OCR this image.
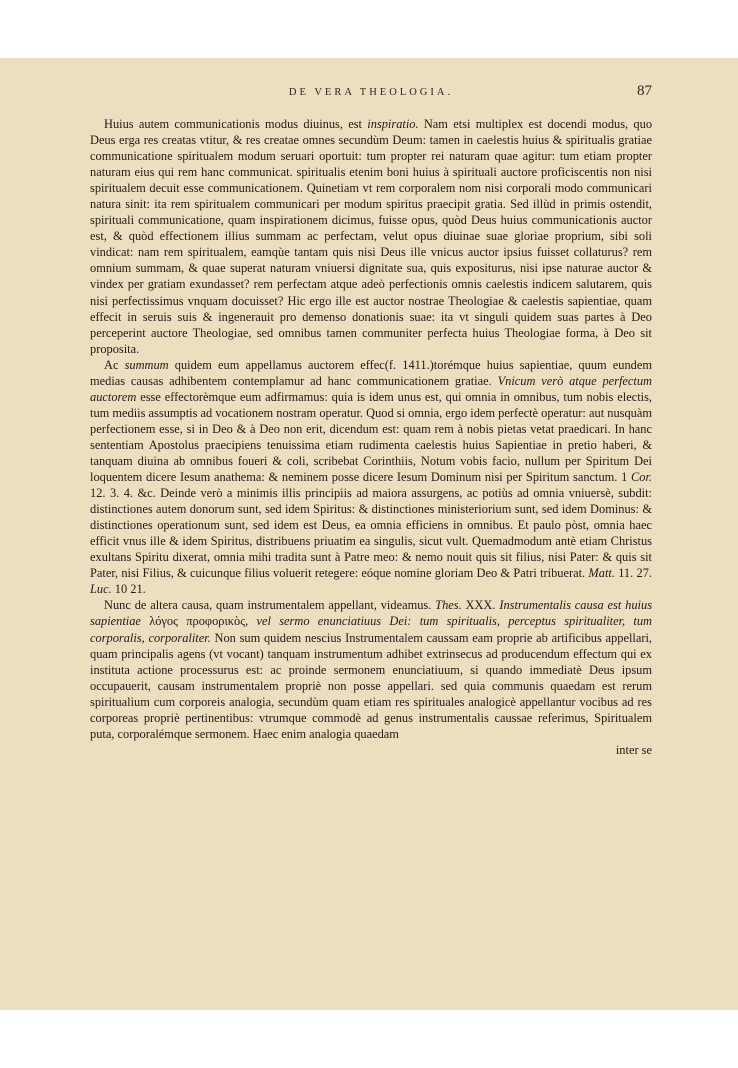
DE VERA THEOLOGIA.	87

Huius autem communicationis modus diuinus, est inspiratio. Nam etsi multiplex est docendi modus, quo Deus erga res creatas vtitur, & res creatae omnes secundùm Deum: tamen in caelestis huius & spiritualis gratiae communicatione spiritualem modum seruari oportuit: tum propter rei naturam quae agitur: tum etiam propter naturam eius qui rem hanc communicat. spiritualis etenim boni huius à spirituali auctore proficiscentis non nisi spiritualem decuit esse communicationem. Quinetiam vt rem corporalem nom nisi corporali modo communicari natura sinit: ita rem spiritualem communicari per modum spiritus praecipit gratia. Sed illùd in primis ostendit, spirituali communicatione, quam inspirationem dicimus, fuisse opus, quòd Deus huius communicationis auctor est, & quòd effectionem illius summam ac perfectam, velut opus diuinae suae gloriae proprium, sibi soli vindicat: nam rem spiritualem, eamqùe tantam quis nisi Deus ille vnicus auctor ipsius fuisset collaturus? rem omnium summam, & quae superat naturam vniuersi dignitate sua, quis expositurus, nisi ipse naturae auctor & vindex per gratiam exundasset? rem perfectam atque adeò perfectionis omnis caelestis indicem salutarem, quis nisi perfectissimus vnquam docuisset? Hic ergo ille est auctor nostrae Theologiae & caelestis sapientiae, quam effecit in seruis suis & ingenerauit pro demenso donationis suae: ita vt singuli quidem suas partes à Deo perceperint auctore Theologiae, sed omnibus tamen communiter perfecta huius Theologiae forma, à Deo sit proposita.

Ac summum quidem eum appellamus auctorem effec(f. 1411.)torémque huius sapientiae, quum eundem medias causas adhibentem contemplamur ad hanc communicationem gratiae. Vnicum verò atque perfectum auctorem esse effectorèmque eum adfirmamus: quia is idem unus est, qui omnia in omnibus, tum nobis electis, tum mediis assumptis ad vocationem nostram operatur. Quod si omnia, ergo idem perfectè operatur: aut nusquàm perfectionem esse, si in Deo & à Deo non erit, dicendum est: quam rem à nobis pietas vetat praedicari. In hanc sententiam Apostolus praecipiens tenuissima etiam rudimenta caelestis huius Sapientiae in pretio haberi, & tanquam diuina ab omnibus foueri & coli, scribebat Corinthiis, Notum vobis facio, nullum per Spiritum Dei loquentem dicere Iesum anathema: & neminem posse dicere Iesum Dominum nisi per Spiritum sanctum. 1 Cor. 12. 3. 4. &c. Deinde verò a minimis illis principiis ad maiora assurgens, ac potiùs ad omnia vniuersè, subdit: distinctiones autem donorum sunt, sed idem Spiritus: & distinctiones ministeriorium sunt, sed idem Dominus: & distinctiones operationum sunt, sed idem est Deus, ea omnia efficiens in omnibus. Et paulo pòst, omnia haec efficit vnus ille & idem Spiritus, distribuens priuatim ea singulis, sicut vult. Quemadmodum antè etiam Christus exultans Spiritu dixerat, omnia mihi tradita sunt à Patre meo: & nemo nouit quis sit filius, nisi Pater: & quis sit Pater, nisi Filius, & cuicunque filius voluerit retegere: eóque nomine gloriam Deo & Patri tribuerat. Matt. 11. 27. Luc. 10 21.

Nunc de altera causa, quam instrumentalem appellant, videamus. Thes. XXX. Instrumentalis causa est huius sapientiae λόγος προφορικὸς, vel sermo enunciatiuus Dei: tum spiritualis, perceptus spiritualiter, tum corporalis, corporaliter. Non sum quidem nescius Instrumentalem caussam eam proprie ab artificibus appellari, quam principalis agens (vt vocant) tanquam instrumentum adhibet extrinsecus ad producendum effectum qui ex instituta actione processurus est: ac proinde sermonem enunciatiuum, si quando immediatè Deus ipsum occupauerit, causam instrumentalem propriè non posse appellari. sed quia communis quaedam est rerum spiritualium cum corporeis analogia, secundùm quam etiam res spirituales analogicè appellantur vocibus ad res corporeas propriè pertinentibus: vtrumque commodè ad genus instrumentalis caussae referimus, Spiritualem puta, corporalémque sermonem. Haec enim analogia quaedam

inter se
